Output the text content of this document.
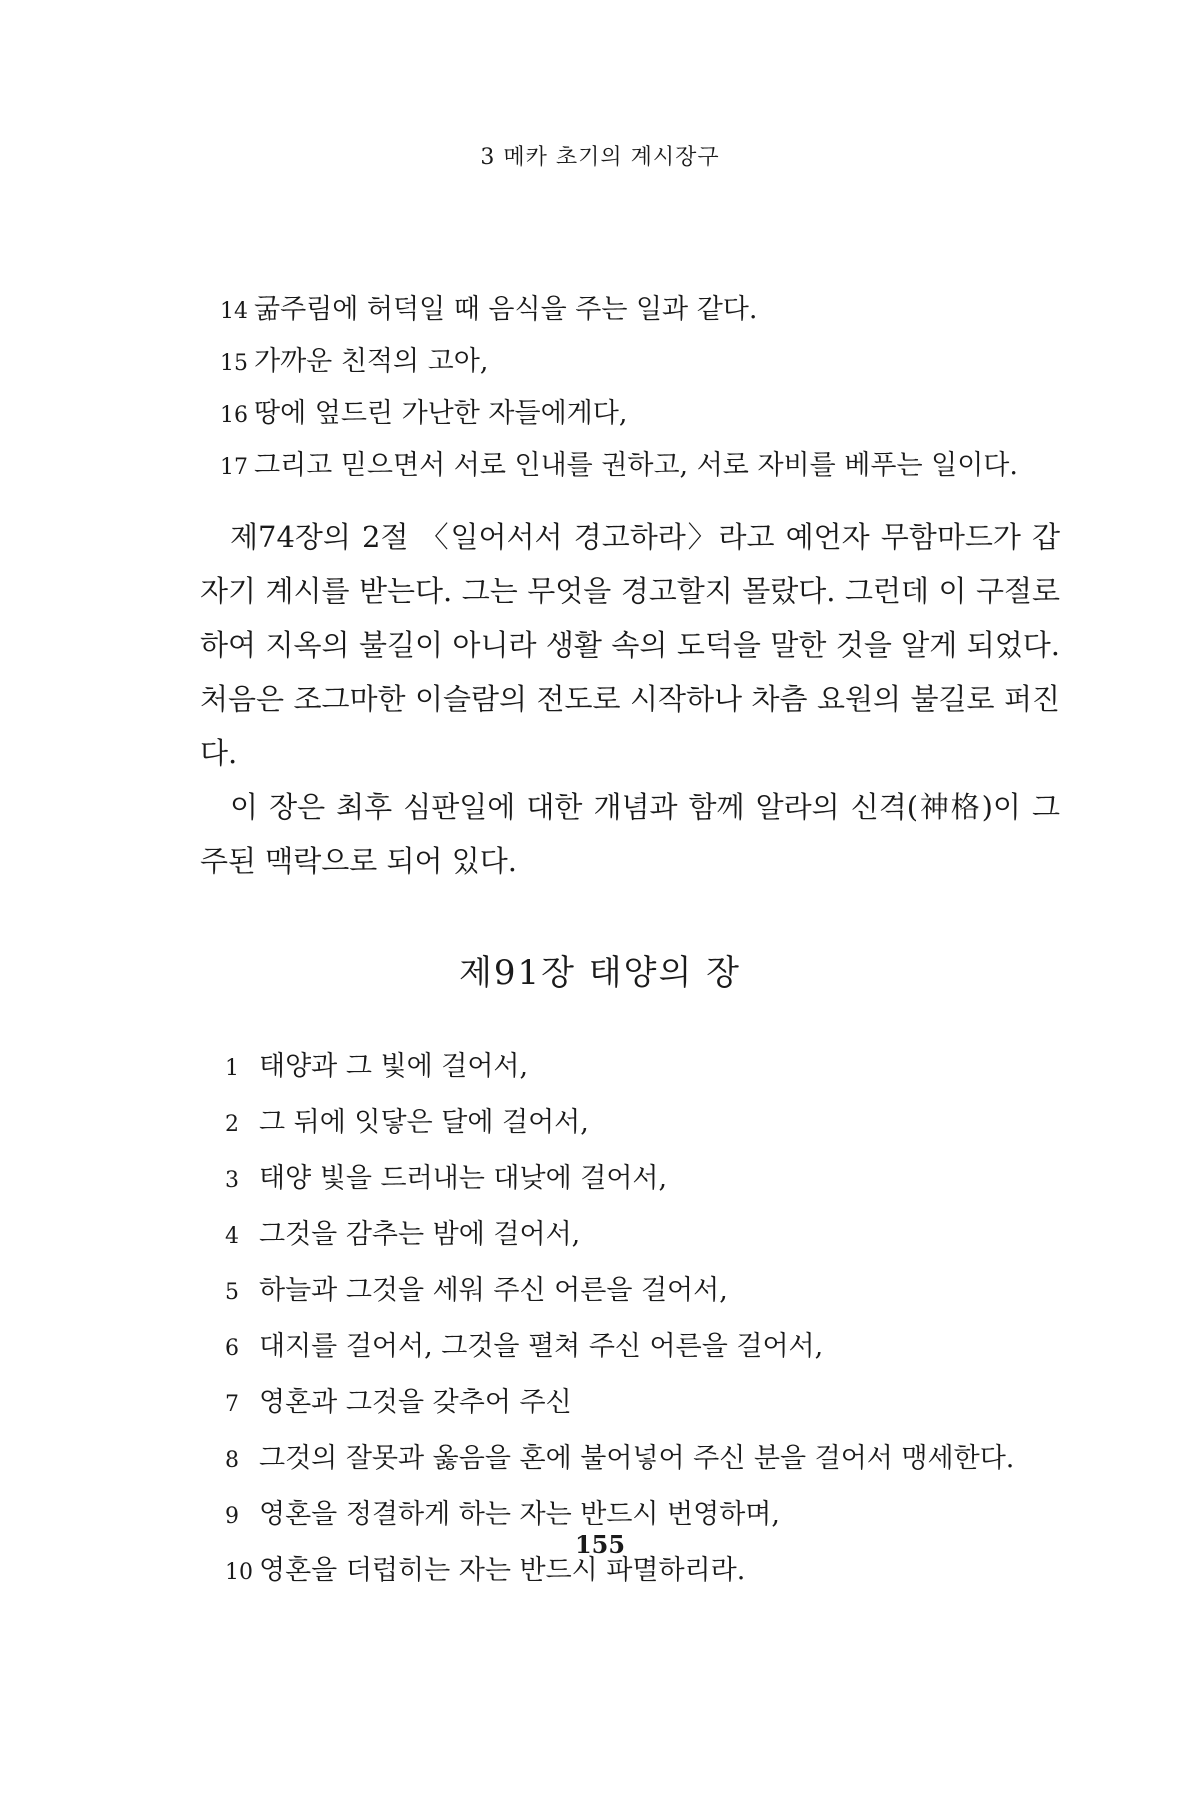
3 메카 초기의 계시장구
14 굶주림에 허덕일 때 음식을 주는 일과 같다.
15 가까운 친적의 고아,
16 땅에 엎드린 가난한 자들에게다,
17 그리고 믿으면서 서로 인내를 권하고, 서로 자비를 베푸는 일이다.

제74장의 2절 〈일어서서 경고하라〉라고 예언자 무함마드가 갑자기 계시를 받는다. 그는 무엇을 경고할지 몰랐다. 그런데 이 구절로 하여 지옥의 불길이 아니라 생활 속의 도덕을 말한 것을 알게 되었다. 처음은 조그마한 이슬람의 전도로 시작하나 차츰 요원의 불길로 퍼진다.

이 장은 최후 심판일에 대한 개념과 함께 알라의 신격(神格)이 그 주된 맥락으로 되어 있다.

제91장 태양의 장
1 태양과 그 빛에 걸어서,
2 그 뒤에 잇닿은 달에 걸어서,
3 태양 빛을 드러내는 대낮에 걸어서,
4 그것을 감추는 밤에 걸어서,
5 하늘과 그것을 세워 주신 어른을 걸어서,
6 대지를 걸어서, 그것을 펼쳐 주신 어른을 걸어서,
7 영혼과 그것을 갖추어 주신
8 그것의 잘못과 옳음을 혼에 불어넣어 주신 분을 걸어서 맹세한다.
9 영혼을 정결하게 하는 자는 반드시 번영하며,
10 영혼을 더럽히는 자는 반드시 파멸하리라.
155
